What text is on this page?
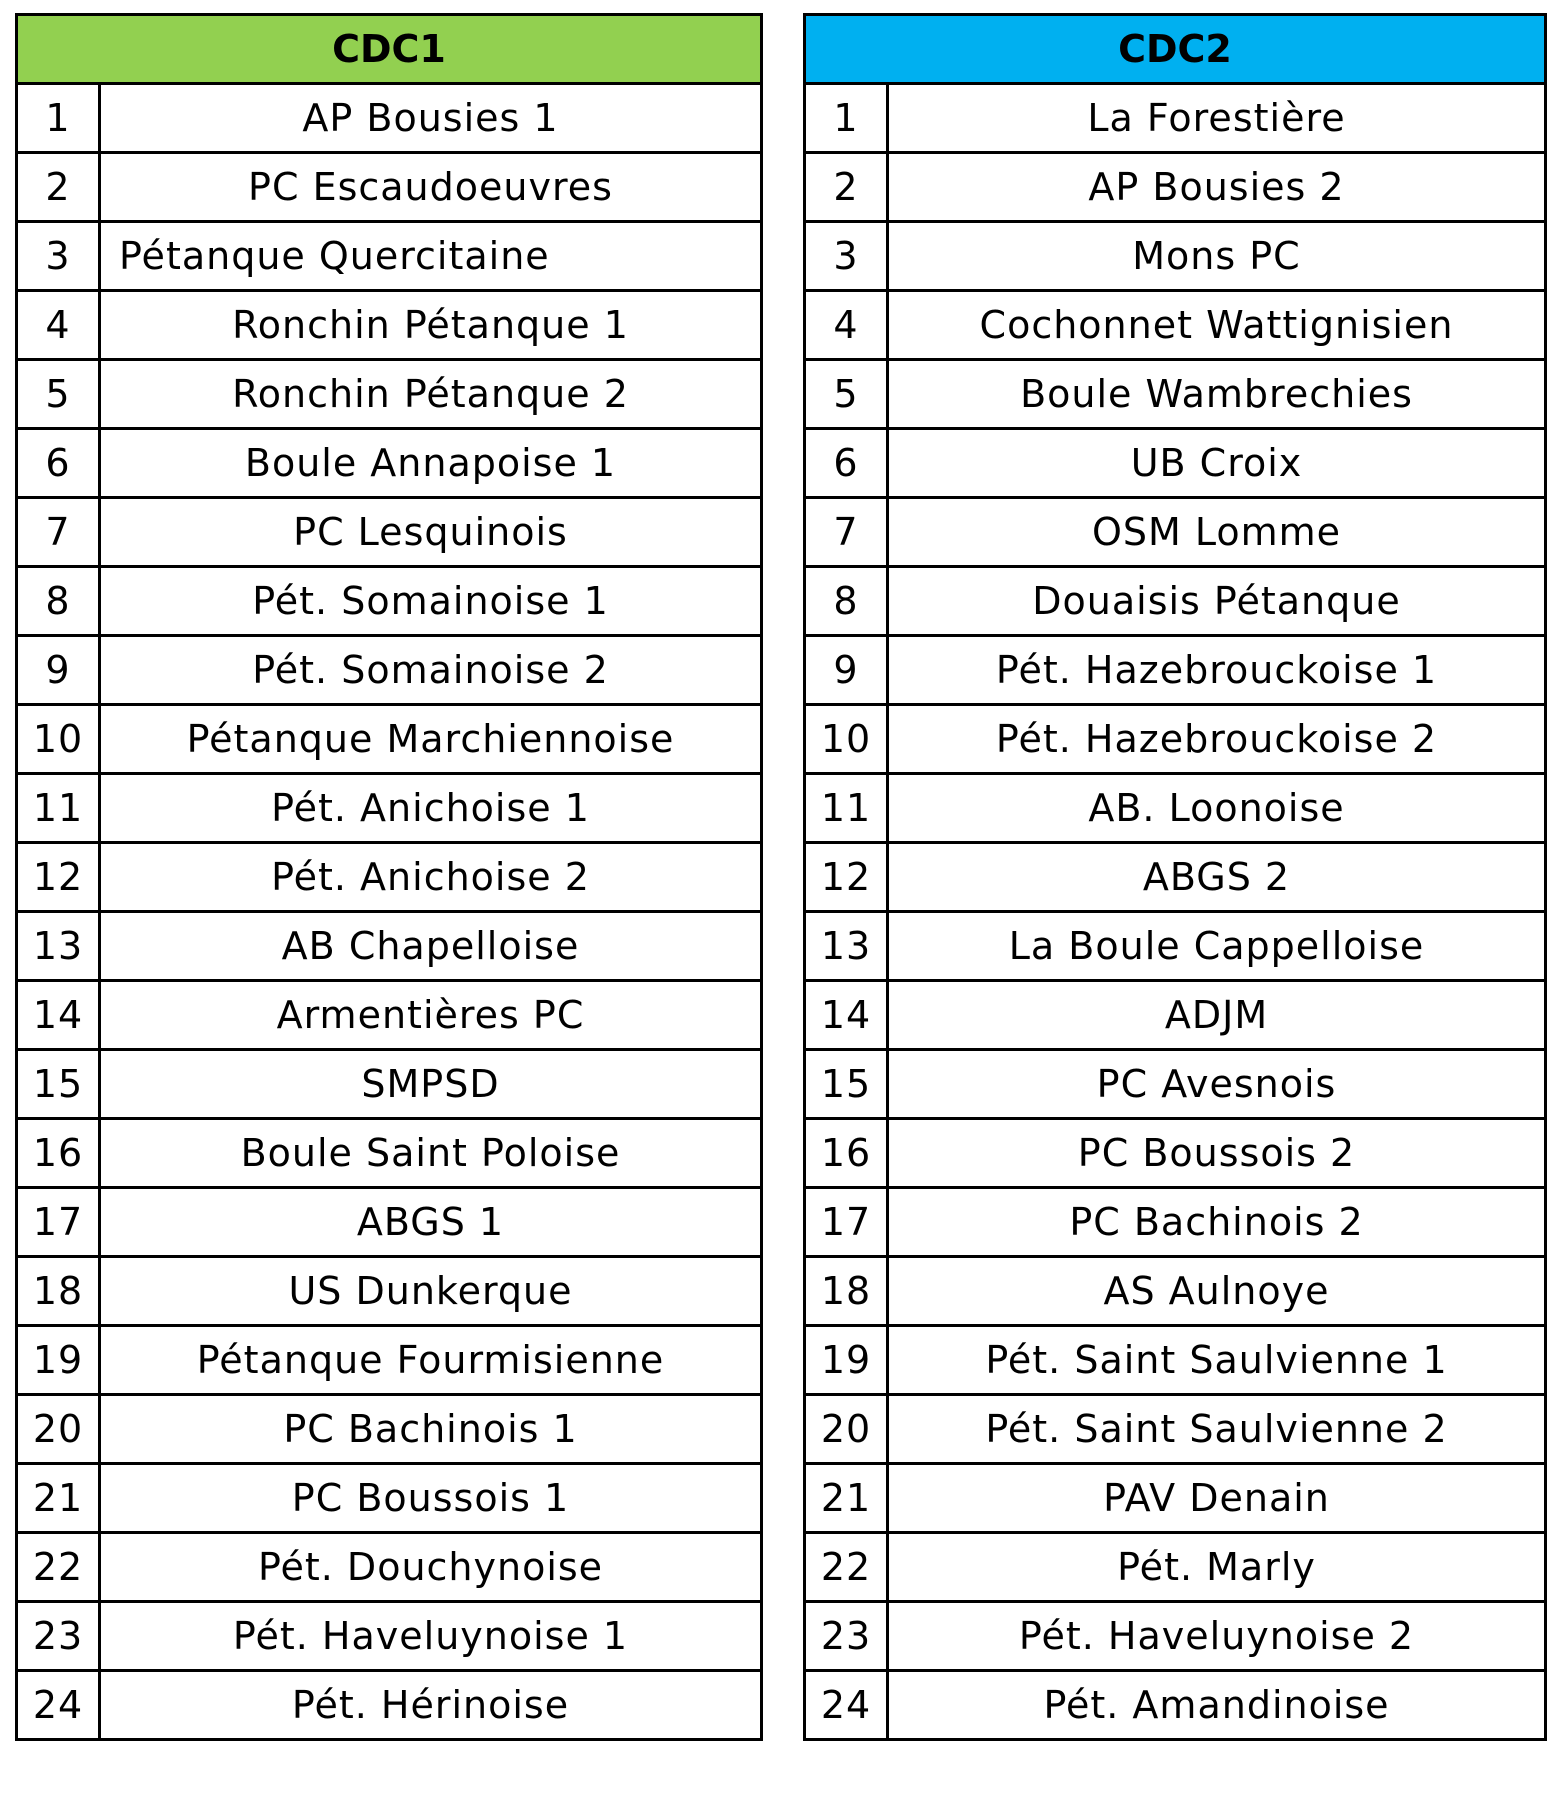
CDC1	
1	AP Bousies 1
2	PC Escaudoeuvres
3	Pétanque Quercitaine
4	Ronchin Pétanque 1
5	Ronchin Pétanque 2
6	Boule Annapoise 1
7	PC Lesquinois
8	Pét. Somainoise 1
9	Pét. Somainoise 2
10	Pétanque Marchiennoise
11	Pét. Anichoise 1
12	Pét. Anichoise 2
13	AB Chapelloise
14	Armentières PC
15	SMPSD
16	Boule Saint Poloise
17	ABGS 1
18	US Dunkerque
19	Pétanque Fourmisienne
20	PC Bachinois 1
21	PC Boussois 1
22	Pét. Douchynoise
23	Pét. Haveluynoise 1
24	Pét. Hérinoise
CDC2	
1	La Forestière
2	AP Bousies 2
3	Mons PC
4	Cochonnet Wattignisien
5	Boule Wambrechies
6	UB Croix
7	OSM Lomme
8	Douaisis Pétanque
9	Pét. Hazebrouckoise 1
10	Pét. Hazebrouckoise 2
11	AB. Loonoise
12	ABGS 2
13	La Boule Cappelloise
14	ADJM
15	PC Avesnois
16	PC Boussois 2
17	PC Bachinois 2
18	AS Aulnoye
19	Pét. Saint Saulvienne 1
20	Pét. Saint Saulvienne 2
21	PAV Denain
22	Pét. Marly
23	Pét. Haveluynoise 2
24	Pét. Amandinoise
